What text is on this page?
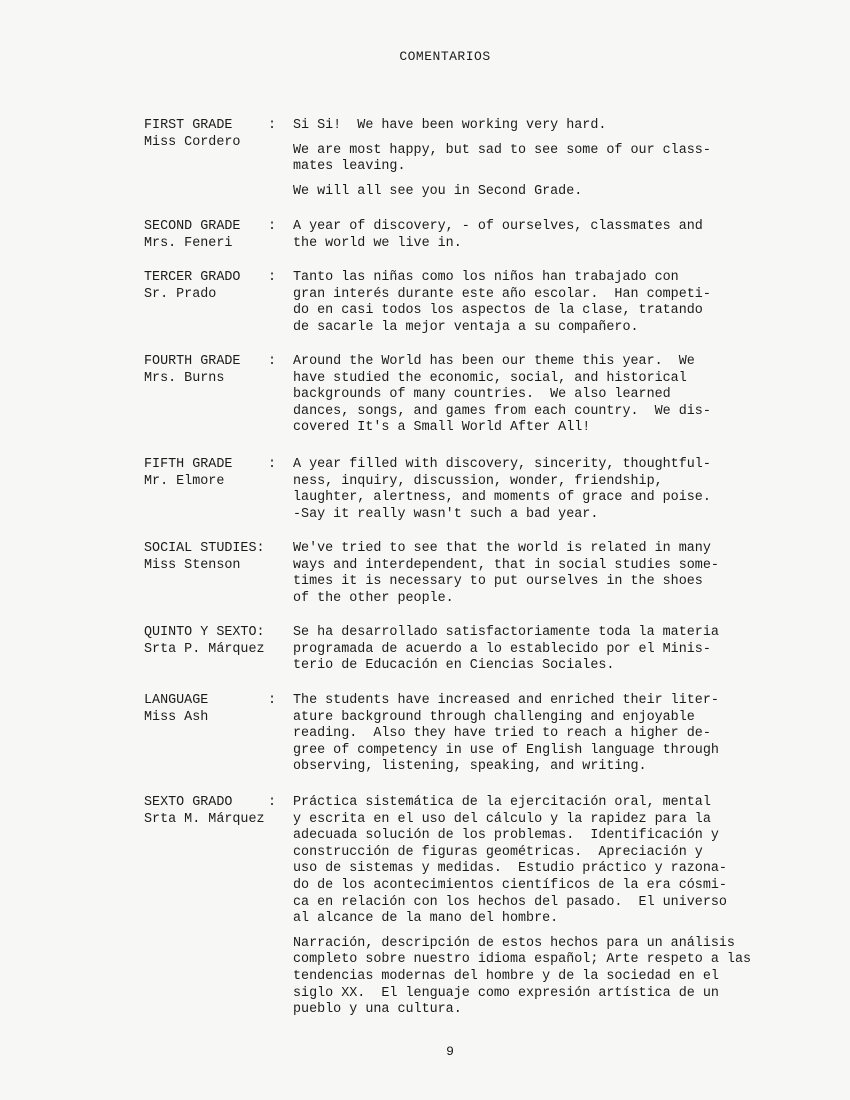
COMENTARIOS
FIRST GRADE
Miss Cordero
: Si Si!  We have been working very hard.

We are most happy, but sad to see some of our class-
mates leaving.

We will all see you in Second Grade.

SECOND GRADE
Mrs. Feneri
: A year of discovery, - of ourselves, classmates and
the world we live in.

TERCER GRADO
Sr. Prado
: Tanto las niñas como los niños han trabajado con
gran interés durante este año escolar.  Han competi-
do en casi todos los aspectos de la clase, tratando
de sacarle la mejor ventaja a su compañero.

FOURTH GRADE
Mrs. Burns
: Around the World has been our theme this year.  We
have studied the economic, social, and historical
backgrounds of many countries.  We also learned
dances, songs, and games from each country.  We dis-
covered It's a Small World After All!

FIFTH GRADE
Mr. Elmore
: A year filled with discovery, sincerity, thoughtful-
ness, inquiry, discussion, wonder, friendship,
laughter, alertness, and moments of grace and poise.
-Say it really wasn't such a bad year.

SOCIAL STUDIES:
Miss Stenson

We've tried to see that the world is related in many
ways and interdependent, that in social studies some-
times it is necessary to put ourselves in the shoes
of the other people.

QUINTO Y SEXTO:
Srta P. Márquez

Se ha desarrollado satisfactoriamente toda la materia
programada de acuerdo a lo establecido por el Minis-
terio de Educación en Ciencias Sociales.

LANGUAGE
Miss Ash
: The students have increased and enriched their liter-
ature background through challenging and enjoyable
reading.  Also they have tried to reach a higher de-
gree of competency in use of English language through
observing, listening, speaking, and writing.

SEXTO GRADO
Srta M. Márquez
: Práctica sistemática de la ejercitación oral, mental
y escrita en el uso del cálculo y la rapidez para la
adecuada solución de los problemas.  Identificación y
construcción de figuras geométricas.  Apreciación y
uso de sistemas y medidas.  Estudio práctico y razona-
do de los acontecimientos científicos de la era cósmi-
ca en relación con los hechos del pasado.  El universo
al alcance de la mano del hombre.

Narración, descripción de estos hechos para un análisis
completo sobre nuestro idioma español; Arte respeto a las
tendencias modernas del hombre y de la sociedad en el
siglo XX.  El lenguaje como expresión artística de un
pueblo y una cultura.

9
